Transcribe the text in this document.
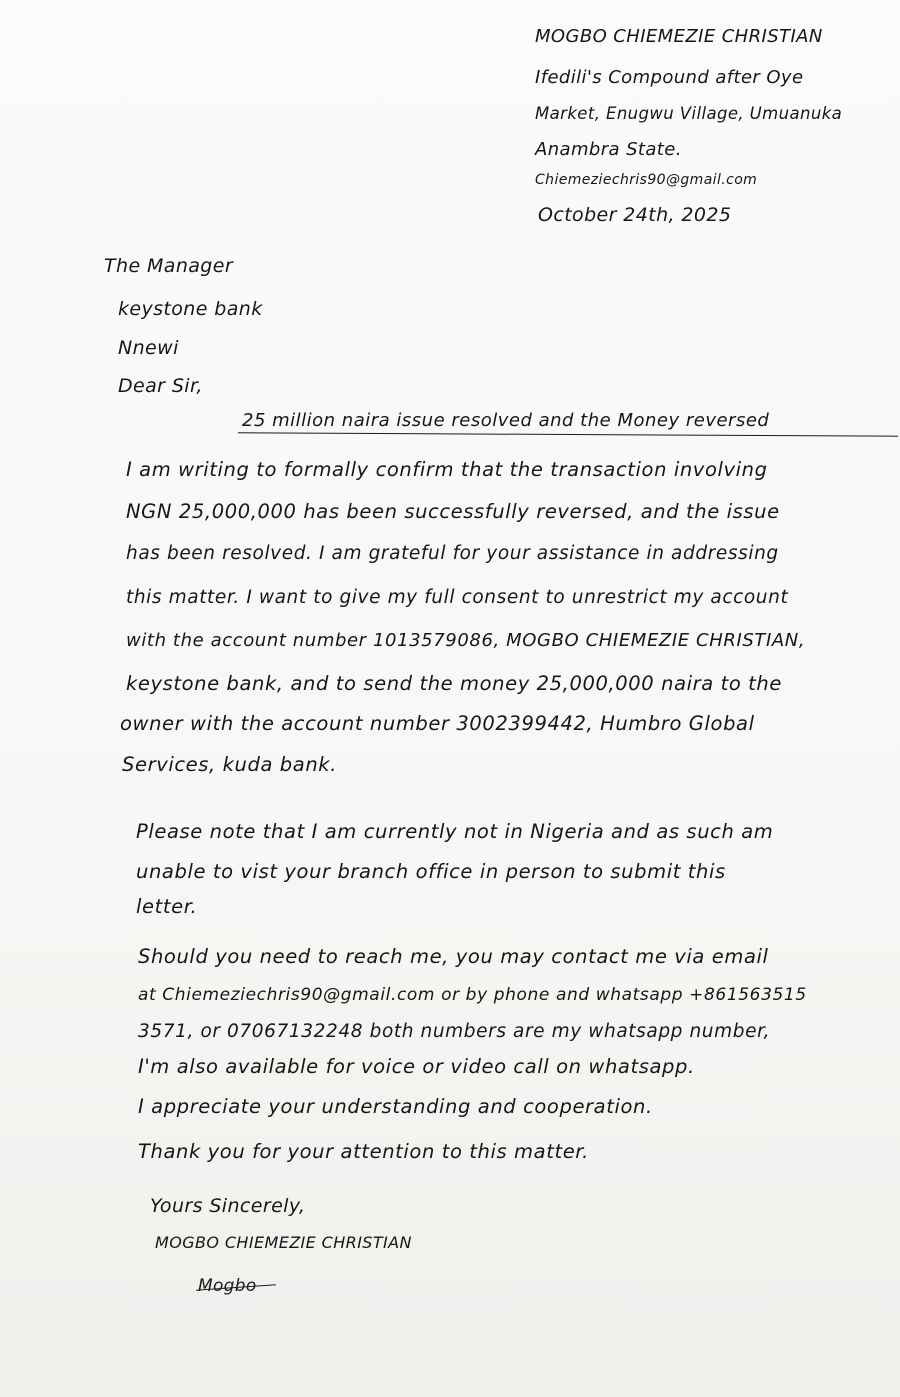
MOGBO CHIEMEZIE CHRISTIAN
Ifedili's Compound after Oye
Market, Enugwu Village, Umuanuka
Anambra State.
Chiemeziechris90@gmail.com
October 24th, 2025
The Manager
keystone bank
Nnewi
Dear Sir,
25 million naira issue resolved and the Money reversed
I am writing to formally confirm that the transaction involving
NGN 25,000,000 has been successfully reversed, and the issue
has been resolved. I am grateful for your assistance in addressing
this matter. I want to give my full consent to unrestrict my account
with the account number 1013579086, MOGBO CHIEMEZIE CHRISTIAN,
keystone bank, and to send the money 25,000,000 naira to the
owner with the account number 3002399442, Humbro Global
Services, kuda bank.
Please note that I am currently not in Nigeria and as such am
unable to vist your branch office in person to submit this
letter.
Should you need to reach me, you may contact me via email
at Chiemeziechris90@gmail.com or by phone and whatsapp +861563515
3571, or 07067132248 both numbers are my whatsapp number,
I'm also available for voice or video call on whatsapp.
I appreciate your understanding and cooperation.
Thank you for your attention to this matter.
Yours Sincerely,
MOGBO CHIEMEZIE CHRISTIAN
Mogbo
